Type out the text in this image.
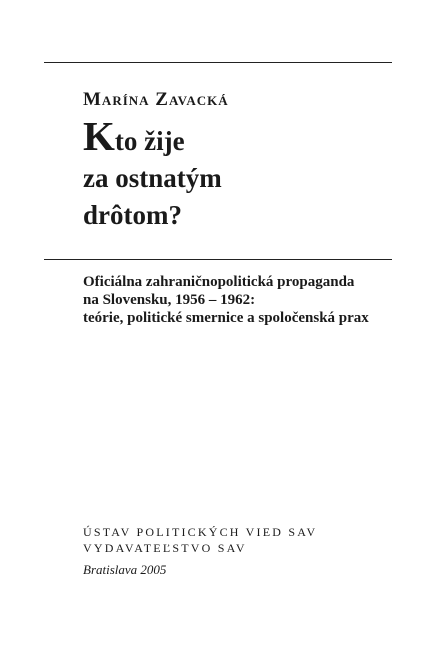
Marína Zavacká
Kto žije
za ostnatým
drôtom?
Oficiálna zahraničnopolitická propaganda
na Slovensku, 1956 – 1962:
teórie, politické smernice a spoločenská prax
ÚSTAV POLITICKÝCH VIED SAV
VYDAVATEĽSTVO SAV
Bratislava 2005
